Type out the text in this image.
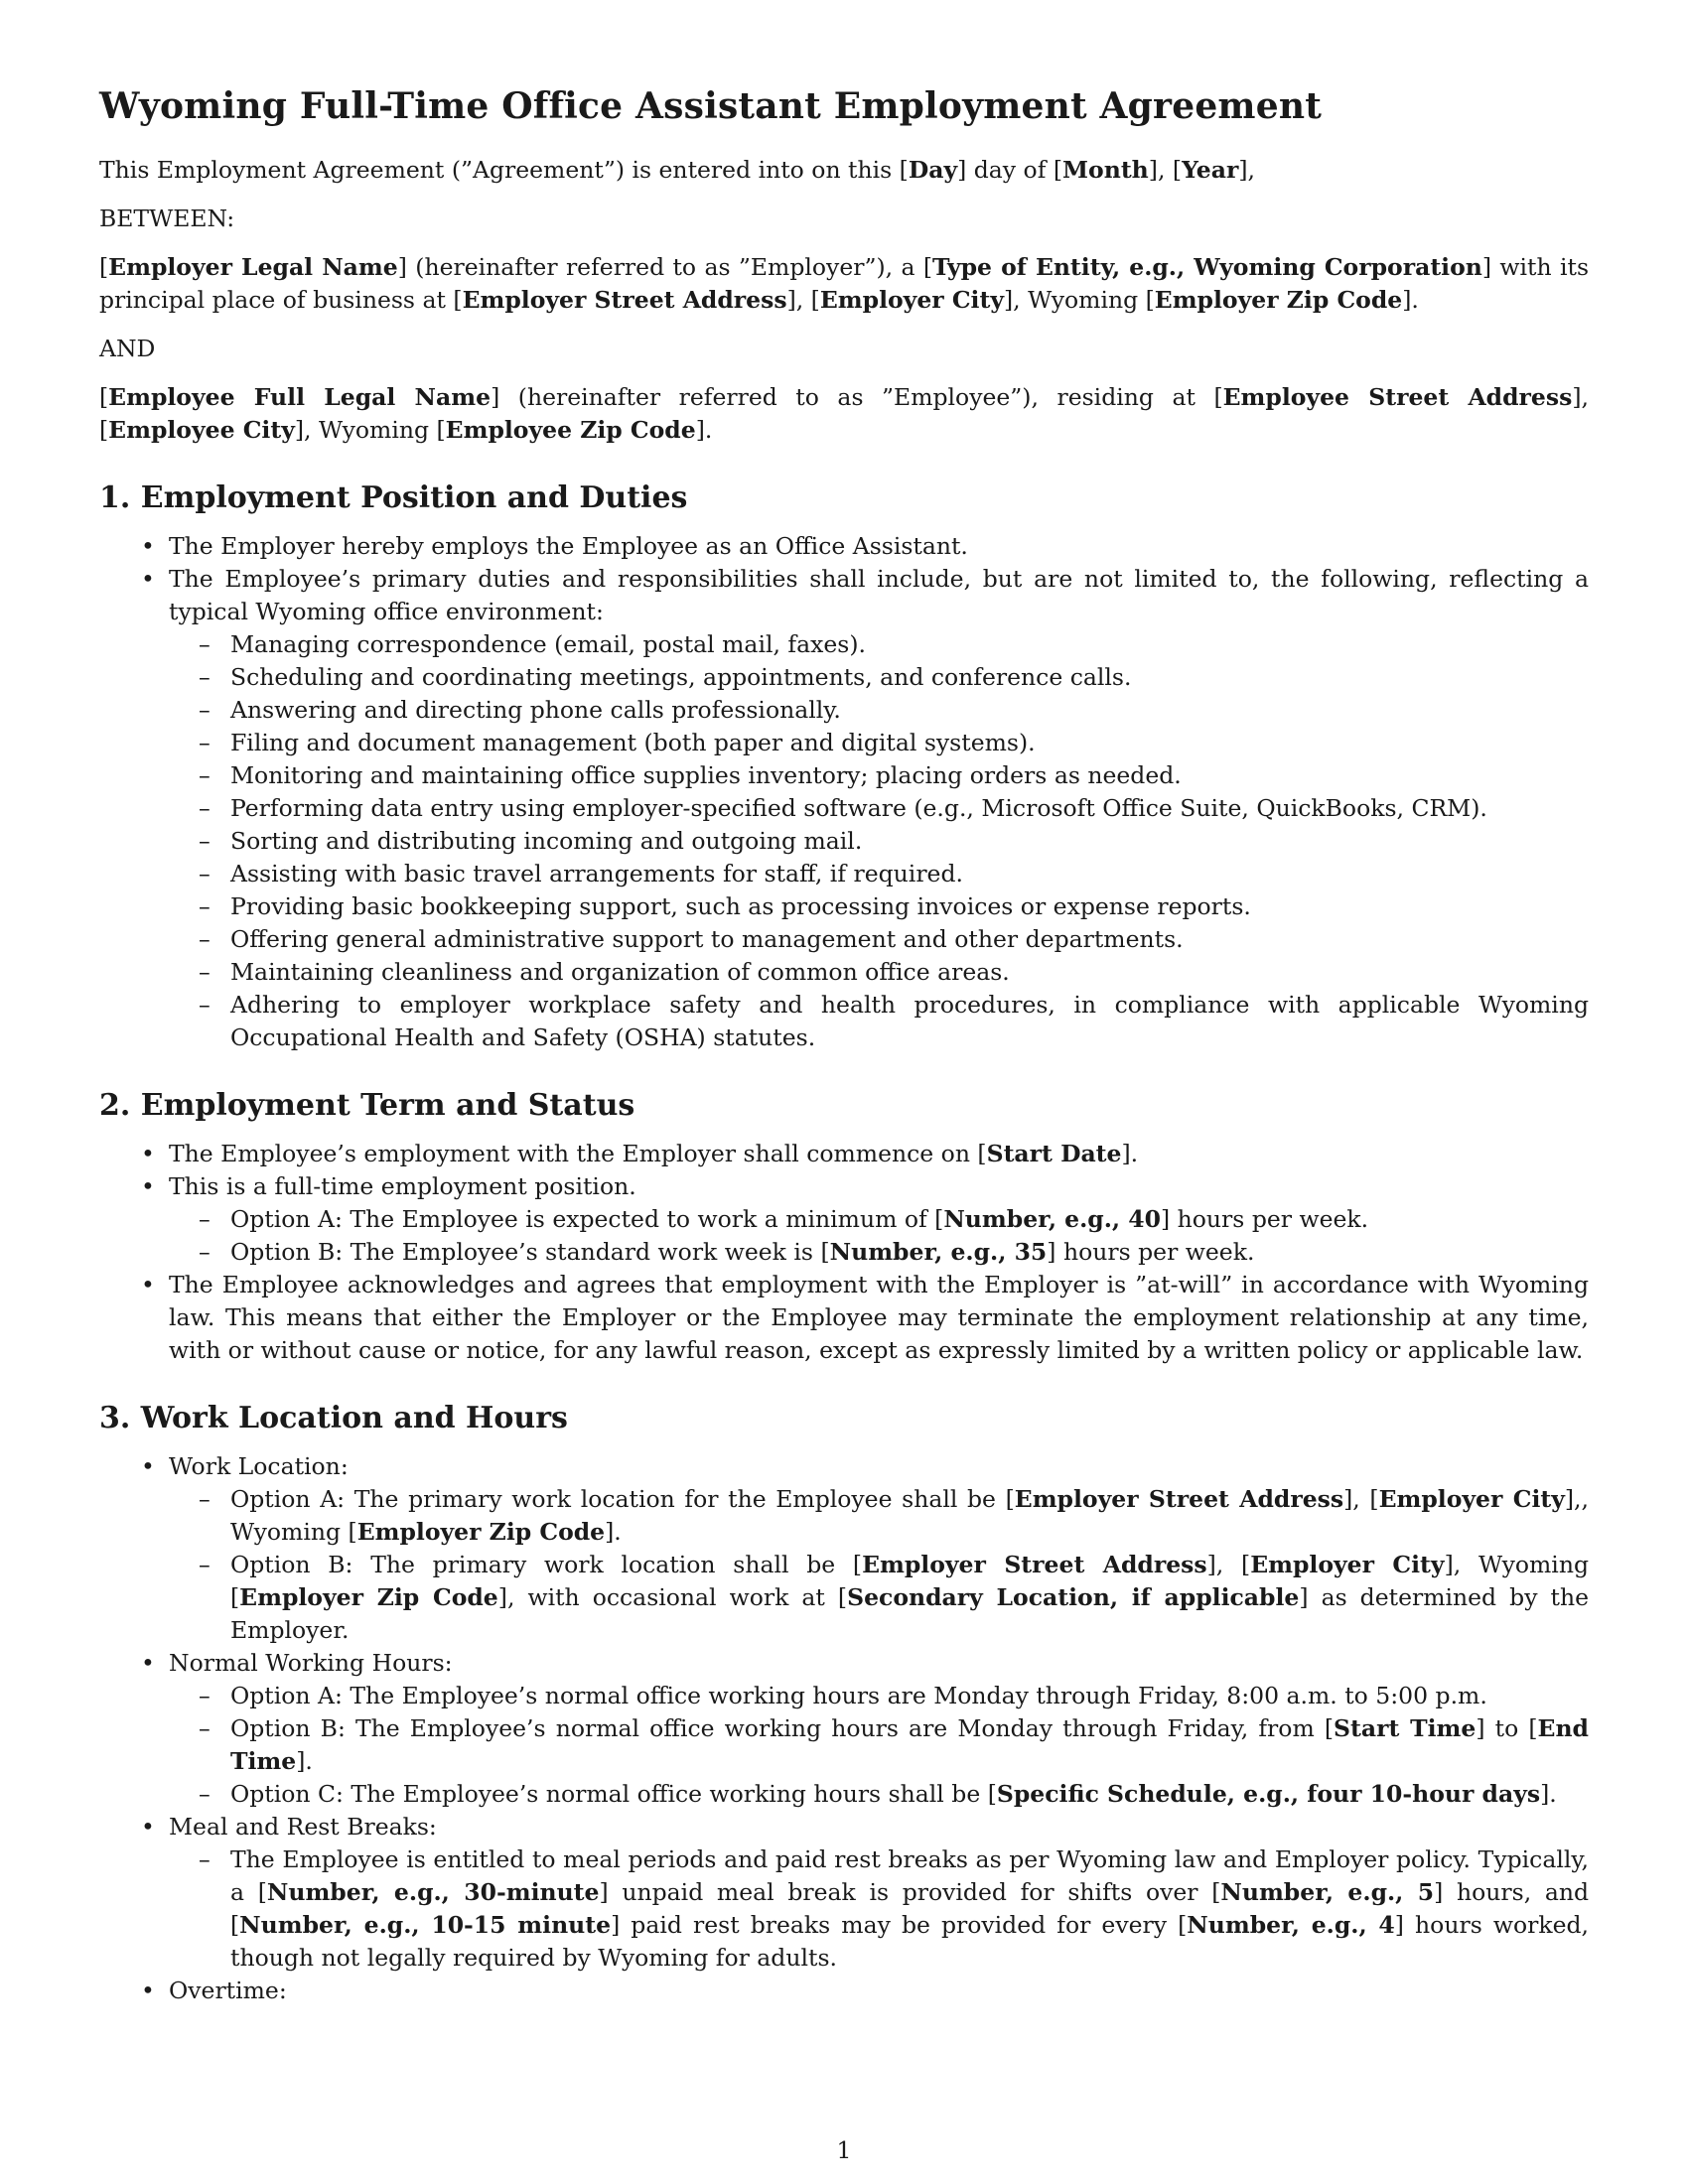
Wyoming Full-Time Office Assistant Employment Agreement

This Employment Agreement (”Agreement”) is entered into on this [Day] day of [Month], [Year],

BETWEEN:

[Employer Legal Name] (hereinafter referred to as ”Employer”), a [Type of Entity, e.g., Wyoming Corporation] with its principal place of business at [Employer Street Address], [Employer City], Wyoming [Employer Zip Code].

AND

[Employee Full Legal Name] (hereinafter referred to as ”Employee”), residing at [Employee Street Address], [Employee City], Wyoming [Employee Zip Code].

1. Employment Position and Duties
• The Employer hereby employs the Employee as an Office Assistant.
• The Employee’s primary duties and responsibilities shall include, but are not limited to, the following, reflecting a typical Wyoming office environment:
– Managing correspondence (email, postal mail, faxes).
– Scheduling and coordinating meetings, appointments, and conference calls.
– Answering and directing phone calls professionally.
– Filing and document management (both paper and digital systems).
– Monitoring and maintaining office supplies inventory; placing orders as needed.
– Performing data entry using employer-specified software (e.g., Microsoft Office Suite, QuickBooks, CRM).
– Sorting and distributing incoming and outgoing mail.
– Assisting with basic travel arrangements for staff, if required.
– Providing basic bookkeeping support, such as processing invoices or expense reports.
– Offering general administrative support to management and other departments.
– Maintaining cleanliness and organization of common office areas.
– Adhering to employer workplace safety and health procedures, in compliance with applicable Wyoming Occupational Health and Safety (OSHA) statutes.
2. Employment Term and Status
• The Employee’s employment with the Employer shall commence on [Start Date].
• This is a full-time employment position.
– Option A: The Employee is expected to work a minimum of [Number, e.g., 40] hours per week.
– Option B: The Employee’s standard work week is [Number, e.g., 35] hours per week.
• The Employee acknowledges and agrees that employment with the Employer is ”at-will” in accordance with Wyoming law. This means that either the Employer or the Employee may terminate the employment relationship at any time, with or without cause or notice, for any lawful reason, except as expressly limited by a written policy or applicable law.
3. Work Location and Hours
• Work Location:
– Option A: The primary work location for the Employee shall be [Employer Street Address], [Employer City],, Wyoming [Employer Zip Code].
– Option B: The primary work location shall be [Employer Street Address], [Employer City], Wyoming [Employer Zip Code], with occasional work at [Secondary Location, if applicable] as determined by the Employer.
• Normal Working Hours:
– Option A: The Employee’s normal office working hours are Monday through Friday, 8:00 a.m. to 5:00 p.m.
– Option B: The Employee’s normal office working hours are Monday through Friday, from [Start Time] to [End Time].
– Option C: The Employee’s normal office working hours shall be [Specific Schedule, e.g., four 10-hour days].
• Meal and Rest Breaks:
– The Employee is entitled to meal periods and paid rest breaks as per Wyoming law and Employer policy. Typically, a [Number, e.g., 30-minute] unpaid meal break is provided for shifts over [Number, e.g., 5] hours, and [Number, e.g., 10-15 minute] paid rest breaks may be provided for every [Number, e.g., 4] hours worked, though not legally required by Wyoming for adults.
• Overtime:
1
